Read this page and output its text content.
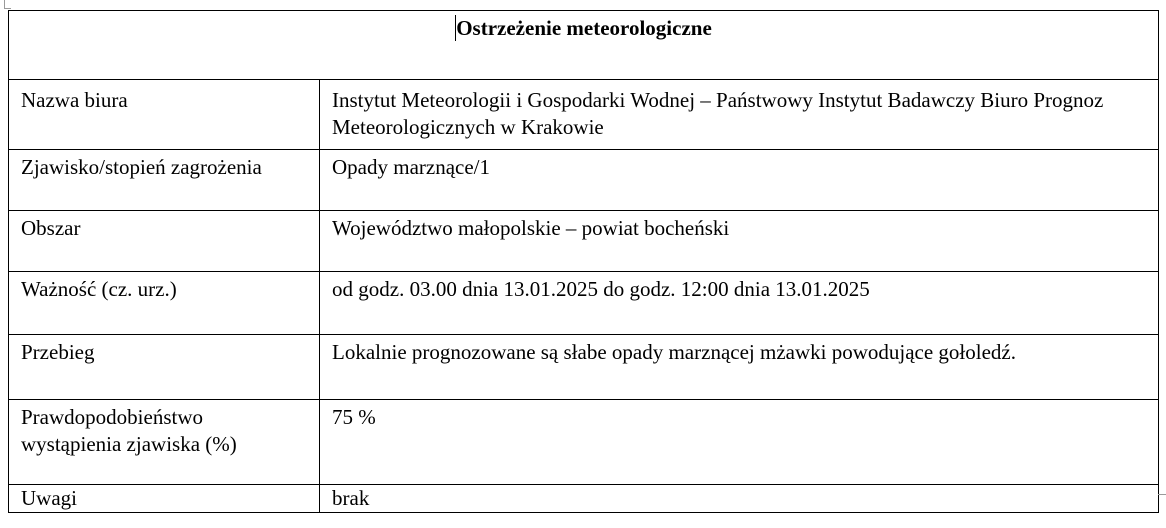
Ostrzeżenie meteorologiczne	
Nazwa biura	Instytut Meteorologii i Gospodarki Wodnej – Państwowy Instytut Badawczy Biuro Prognoz Meteorologicznych w Krakowie
Zjawisko/stopień zagrożenia	Opady marznące/1
Obszar	Województwo małopolskie – powiat bocheński
Ważność (cz. urz.)	od godz. 03.00 dnia 13.01.2025 do godz. 12:00 dnia 13.01.2025
Przebieg	Lokalnie prognozowane są słabe opady marznącej mżawki powodujące gołoledź.
Prawdopodobieństwo wystąpienia zjawiska (%)	75 %
Uwagi	brak
